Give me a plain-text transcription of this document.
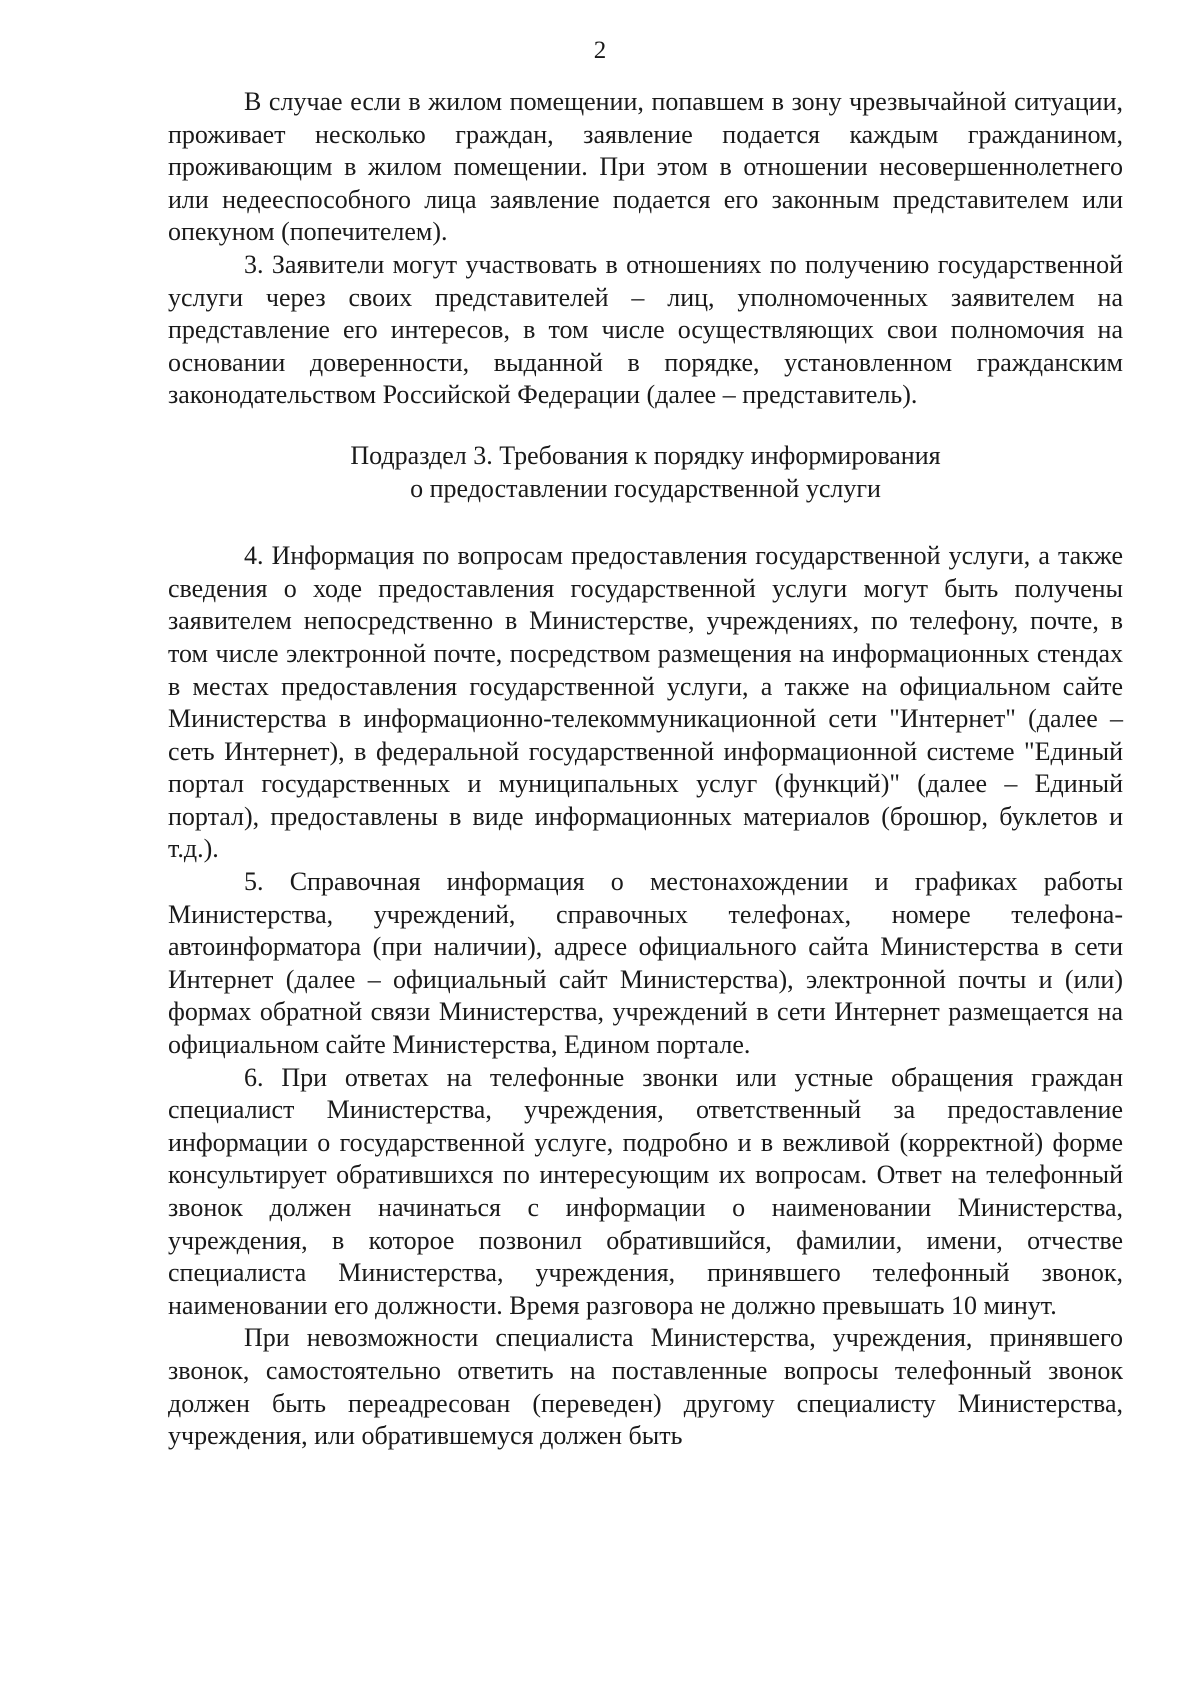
2

В случае если в жилом помещении, попавшем в зону чрезвычайной ситуации, проживает несколько граждан, заявление подается каждым гражданином, проживающим в жилом помещении. При этом в отношении несовершеннолетнего или недееспособного лица заявление подается его законным представителем или опекуном (попечителем).

3. Заявители могут участвовать в отношениях по получению государственной услуги через своих представителей – лиц, уполномоченных заявителем на представление его интересов, в том числе осуществляющих свои полномочия на основании доверенности, выданной в порядке, установленном гражданским законодательством Российской Федерации (далее – представитель).

Подраздел 3. Требования к порядку информирования
о предоставлении государственной услуги

4. Информация по вопросам предоставления государственной услуги, а также сведения о ходе предоставления государственной услуги могут быть получены заявителем непосредственно в Министерстве, учреждениях, по телефону, почте, в том числе электронной почте, посредством размещения на информационных стендах в местах предоставления государственной услуги, а также на официальном сайте Министерства в информационно-телекоммуникационной сети "Интернет" (далее – сеть Интернет), в федеральной государственной информационной системе "Единый портал государственных и муниципальных услуг (функций)" (далее – Единый портал), предоставлены в виде информационных материалов (брошюр, буклетов и т.д.).

5. Справочная информация о местонахождении и графиках работы Министерства, учреждений, справочных телефонах, номере телефона-автоинформатора (при наличии), адресе официального сайта Министерства в сети Интернет (далее – официальный сайт Министерства), электронной почты и (или) формах обратной связи Министерства, учреждений в сети Интернет размещается на официальном сайте Министерства, Едином портале.

6. При ответах на телефонные звонки или устные обращения граждан специалист Министерства, учреждения, ответственный за предоставление информации о государственной услуге, подробно и в вежливой (корректной) форме консультирует обратившихся по интересующим их вопросам. Ответ на телефонный звонок должен начинаться с информации о наименовании Министерства, учреждения, в которое позвонил обратившийся, фамилии, имени, отчестве специалиста Министерства, учреждения, принявшего телефонный звонок, наименовании его должности. Время разговора не должно превышать 10 минут.

При невозможности специалиста Министерства, учреждения, принявшего звонок, самостоятельно ответить на поставленные вопросы телефонный звонок должен быть переадресован (переведен) другому специалисту Министерства, учреждения, или обратившемуся должен быть
